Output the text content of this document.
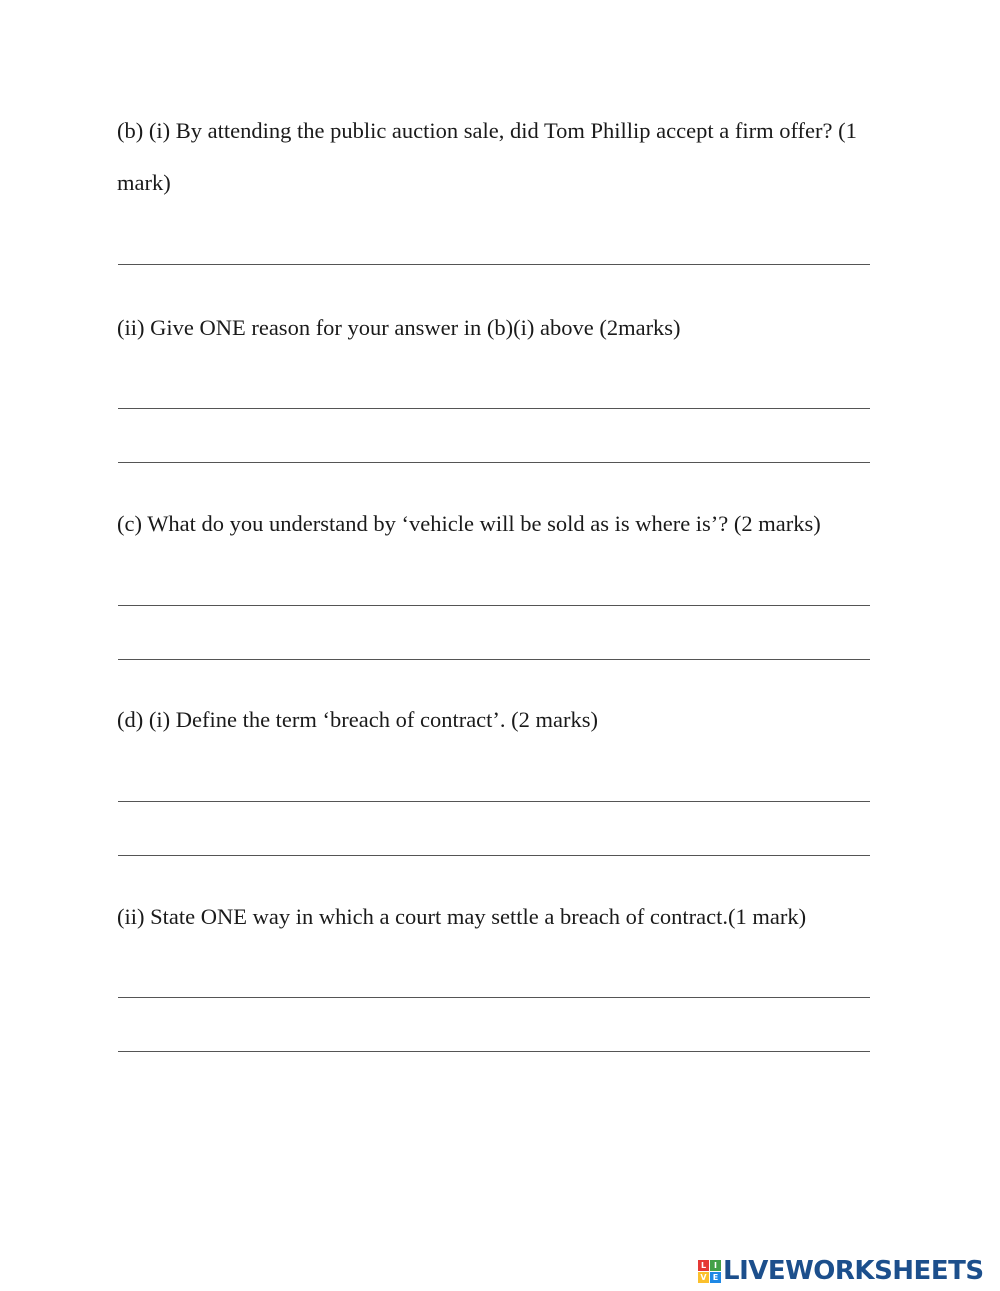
(b) (i) By attending the public auction sale, did Tom Phillip accept a firm offer? (1 mark)

(ii) Give ONE reason for your answer in (b)(i) above (2marks)

(c) What do you understand by ‘vehicle will be sold as is where is’? (2 marks)

(d) (i) Define the term ‘breach of contract’. (2 marks)

(ii) State ONE way in which a court may settle a breach of contract.(1 mark)

L I
V E LIVEWORKSHEETS
